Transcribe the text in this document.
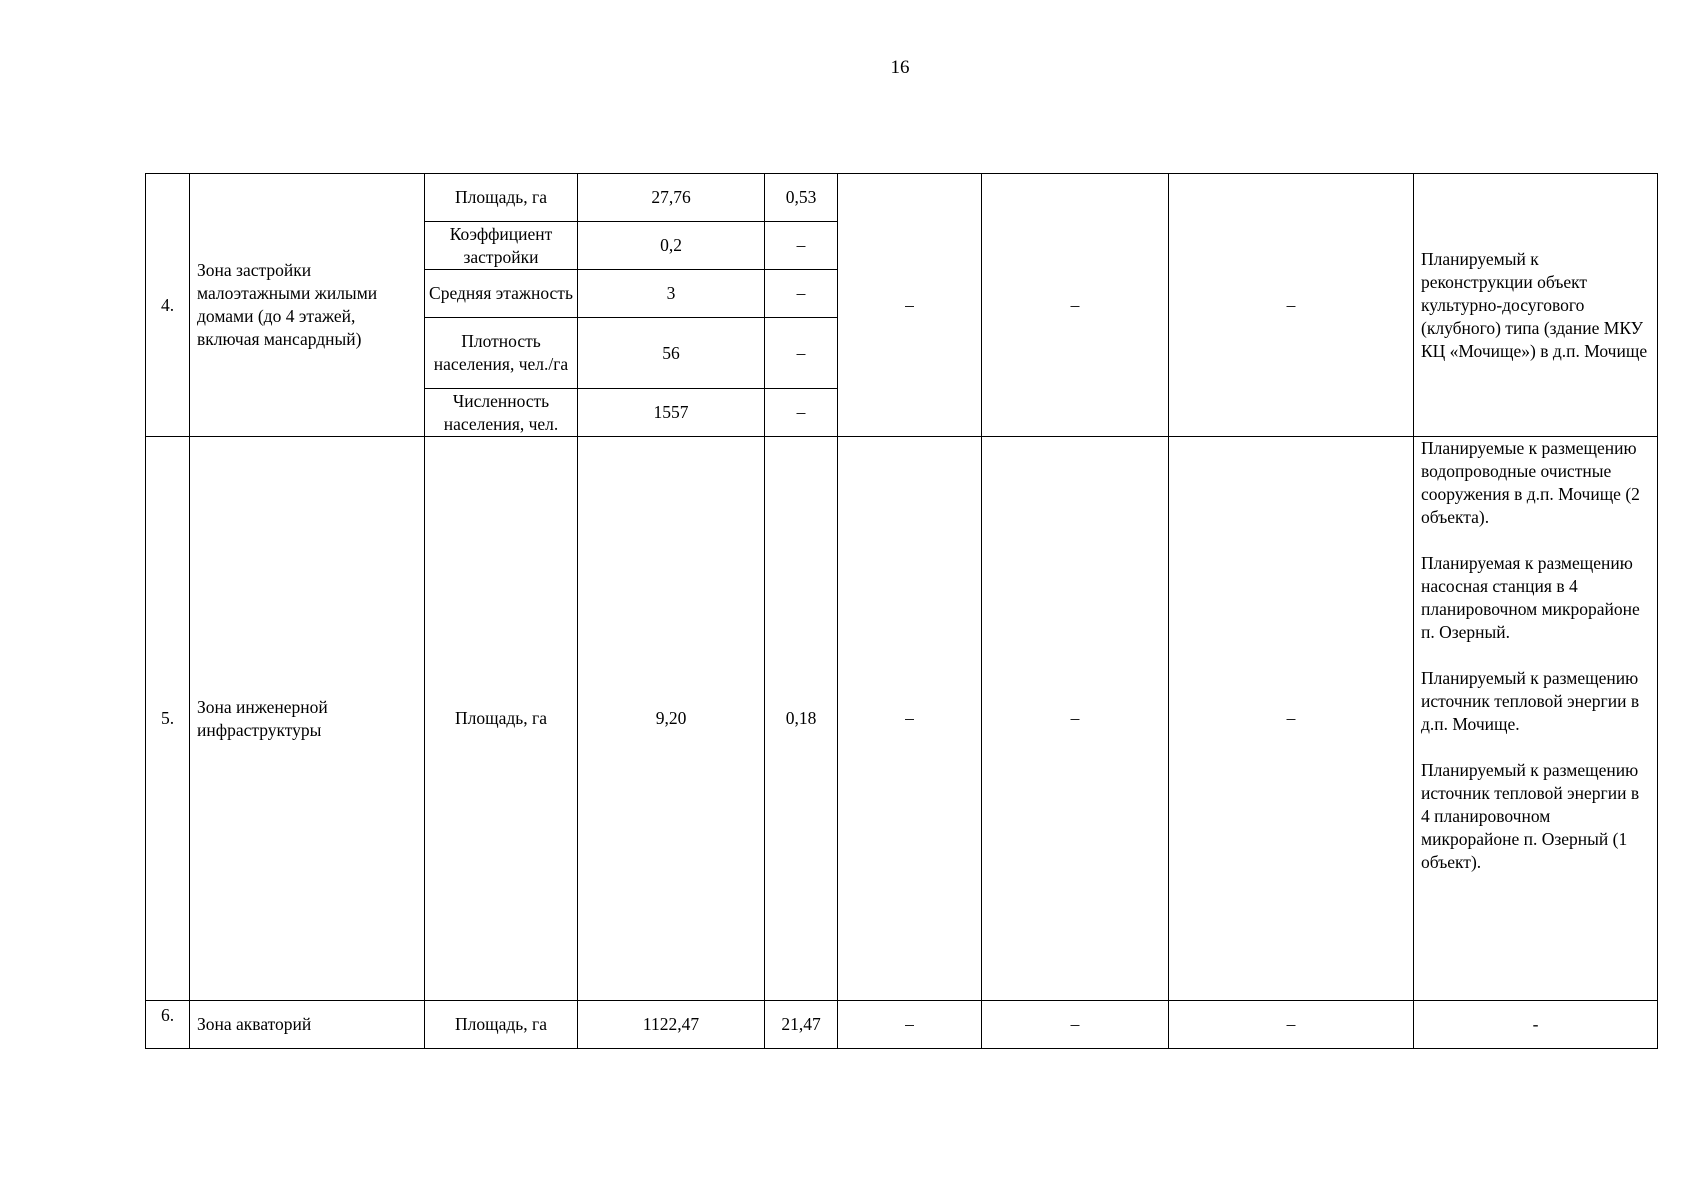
16
4.	Зона застройки малоэтажными жилыми домами (до 4 этажей, включая мансардный)	Площадь, га	27,76	0,53	–	–	–	Планируемый к реконструкции объект культурно-досугового (клубного) типа (здание МКУ КЦ «Мочище») в д.п. Мочище

		Коэффициент застройки	0,2	–				
		Средняя этажность	3	–				
		Плотность населения, чел./га	56	–				
		Численность населения, чел.	1557	–				
5.	Зона инженерной инфраструктуры	Площадь, га	9,20	0,18	–	–	–	Планируемые к размещению водопроводные очистные сооружения в д.п. Мочище (2 объекта).

Планируемая к размещению насосная станция в 4 планировочном микрорайоне п. Озерный.

Планируемый к размещению источник тепловой энергии в д.п. Мочище.

Планируемый к размещению источник тепловой энергии в 4 планировочном микрорайоне п. Озерный (1 объект).

6.	Зона акваторий	Площадь, га	1122,47	21,47	–	–	–	-
